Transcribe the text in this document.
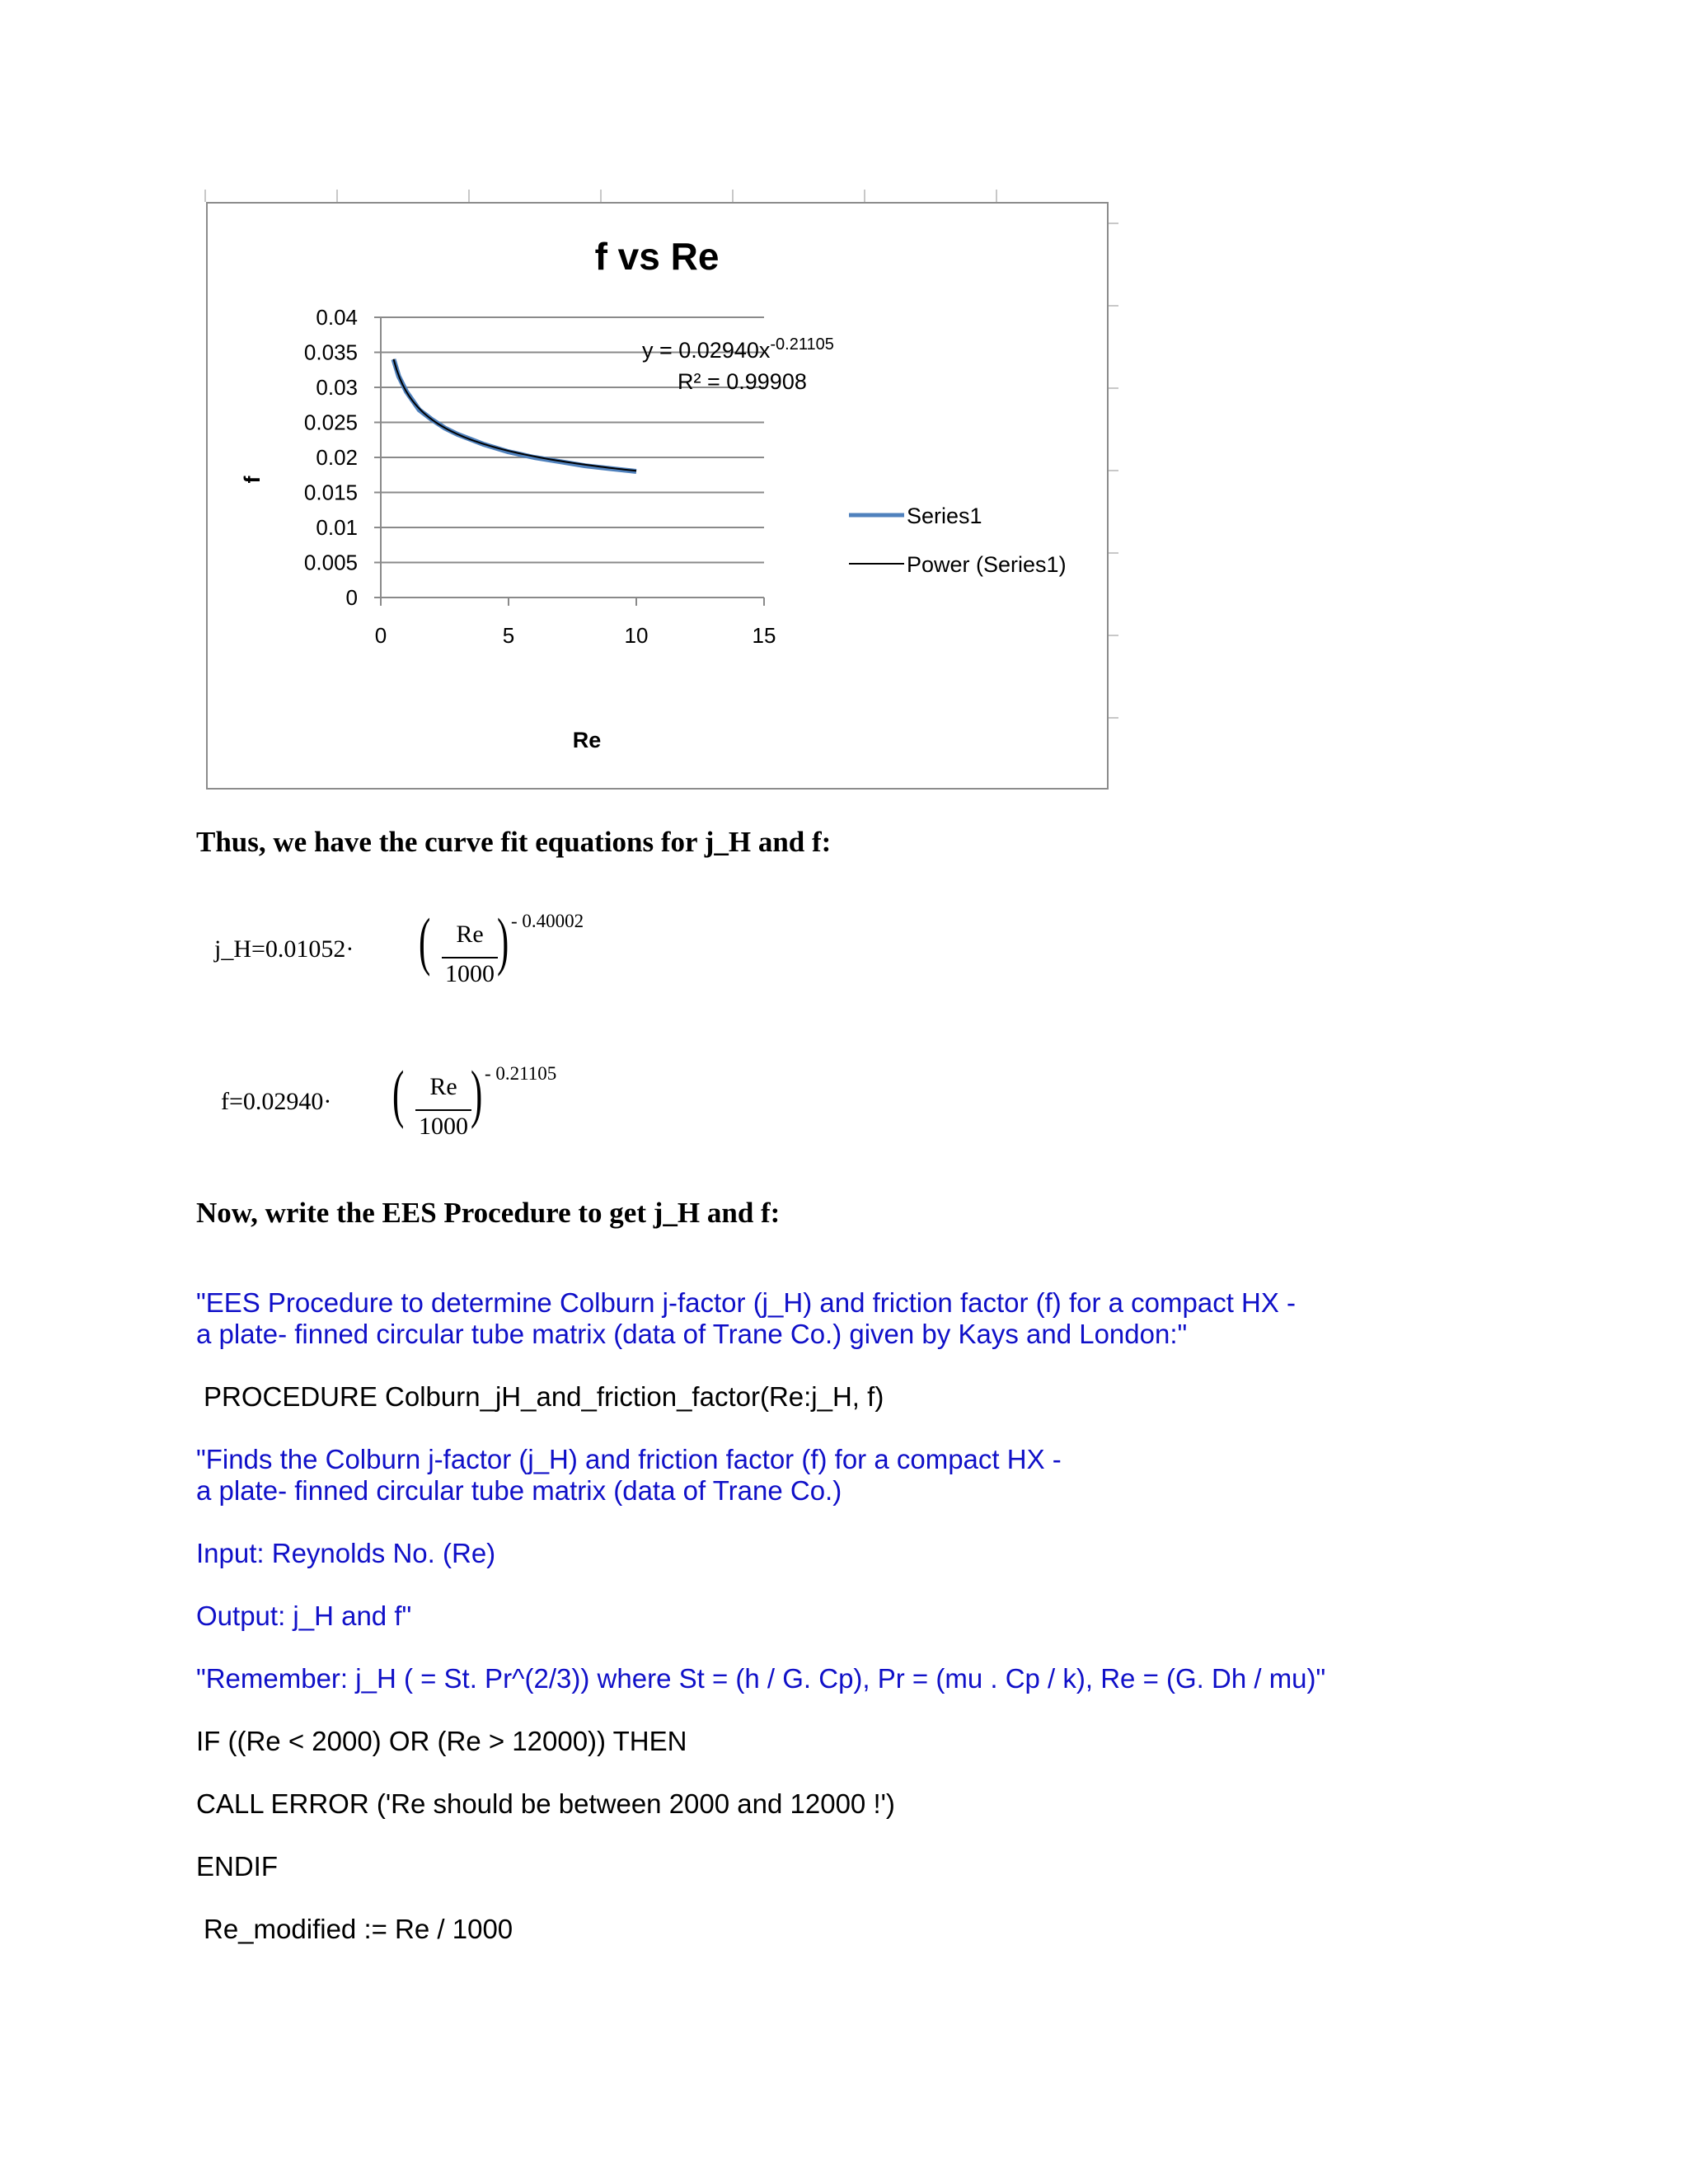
f vs Re
f
Re
0
0.005
0.01
0.015
0.02
0.025
0.03
0.035
0.04
0	5	10	15
$y = 0.02940x^{-0.21105}$
R² = 0.99908
Series1
Power (Series1)
Thus, we have the curve fit equations for j_H and f:
j_H=0.01052· (	Re
1000 ) - 0.40002
f=0.02940· (	Re
1000 ) - 0.21105
Now, write the EES Procedure to get j_H and f:
"EES Procedure to determine Colburn j-factor (j_H) and friction factor (f) for a compact HX -
a plate- finned circular tube matrix (data of Trane Co.) given by Kays and London:"
PROCEDURE Colburn_jH_and_friction_factor(Re:j_H, f)
"Finds the Colburn j-factor (j_H) and friction factor (f) for a compact HX -
a plate- finned circular tube matrix (data of Trane Co.)
Input: Reynolds No. (Re)
Output: j_H and f"
"Remember: j_H ( = St. Pr^(2/3)) where St = (h / G. Cp), Pr = (mu . Cp / k), Re = (G. Dh / mu)"
IF ((Re < 2000) OR (Re > 12000)) THEN
CALL ERROR ('Re should be between 2000 and 12000 !')
ENDIF
Re_modified := Re / 1000
